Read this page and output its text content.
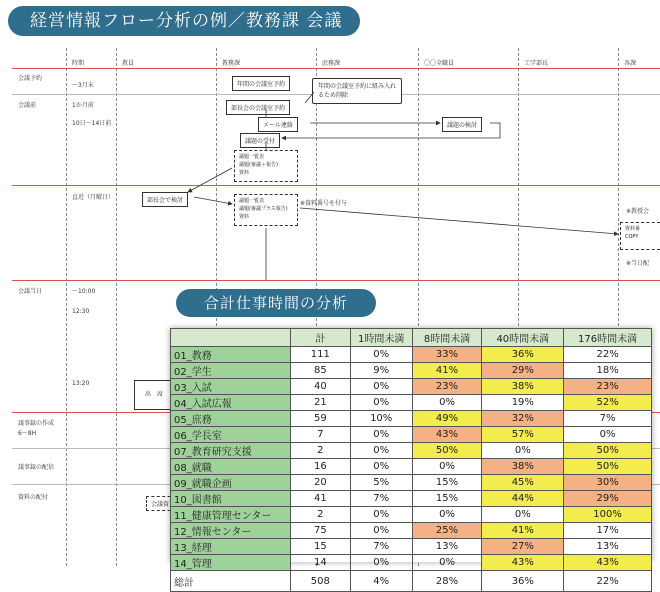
経営情報フロー分析の例／教務課 会議運営
時期	教員	教務課	庶務課	〇〇全職員	工学部長	各課
会議予約
〜3月末
会議前	1か月前
10日〜14日前
直近（月曜日）
会議当日	〜10:00
12:30
13:20
議事録の作成
6〜8H
議事録の配信
資料の配付
年間の会議室予約
部長会の会議室予約
メール連絡	議題の検討
議題の受付
部長会で検討
年間の会議室予約に組み入れ
るため削除
議題一覧表
議題(審議＋報告)
資料
議題一覧表
議題(審議プラス報告)
資料
※資料番号を付与
資料番
COPY
※教授会
※当日配
出　席
会議資
合計仕事時間の分析
	計	1時間未満	8時間未満	40時間未満	176時間未満
01_教務	111	0%	33%	36%	22%
02_学生	85	9%	41%	29%	18%
03_入試	40	0%	23%	38%	23%
04_入試広報	21	0%	0%	19%	52%
05_庶務	59	10%	49%	32%	7%
06_学長室	7	0%	43%	57%	0%
07_教育研究支援	2	0%	50%	0%	50%
08_就職	16	0%	0%	38%	50%
09_就職企画	20	5%	15%	45%	30%
10_図書館	41	7%	15%	44%	29%
11_健康管理センター	2	0%	0%	0%	100%
12_情報センター	75	0%	25%	41%	17%
13_経理	15	7%	13%	27%	13%
14_管理	14	0%	0%	43%	43%
総計	508	4%	28%	36%	22%
